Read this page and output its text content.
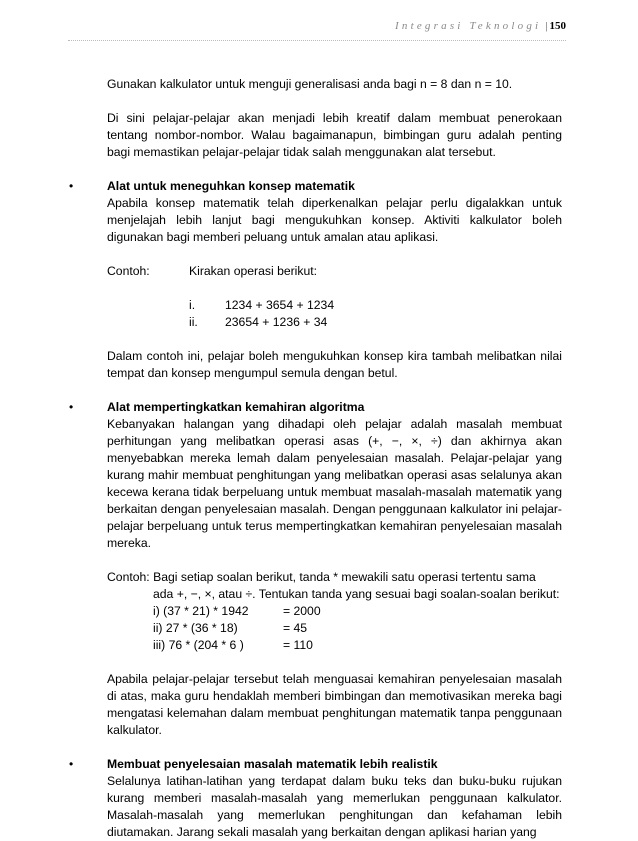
Integrasi Teknologi | 150

Gunakan kalkulator untuk menguji generalisasi anda bagi n = 8 dan n = 10.

Di sini pelajar-pelajar akan menjadi lebih kreatif dalam membuat penerokaan tentang nombor-nombor. Walau bagaimanapun, bimbingan guru adalah penting bagi memastikan pelajar-pelajar tidak salah menggunakan alat tersebut.

•	Alat untuk meneguhkan konsep matematik

Apabila konsep matematik telah diperkenalkan pelajar perlu digalakkan untuk menjelajah lebih lanjut bagi mengukuhkan konsep. Aktiviti kalkulator boleh digunakan bagi memberi peluang untuk amalan atau aplikasi.

Contoh:	Kirakan operasi berikut:
i.	1234 + 3654 + 1234
ii.	23654 + 1236 + 34

Dalam contoh ini, pelajar boleh mengukuhkan konsep kira tambah melibatkan nilai tempat dan konsep mengumpul semula dengan betul.

•	Alat mempertingkatkan kemahiran algoritma

Kebanyakan halangan yang dihadapi oleh pelajar adalah masalah membuat perhitungan yang melibatkan operasi asas (+, −, ×, ÷) dan akhirnya akan menyebabkan mereka lemah dalam penyelesaian masalah. Pelajar-pelajar yang kurang mahir membuat penghitungan yang melibatkan operasi asas selalunya akan kecewa kerana tidak berpeluang untuk membuat masalah-masalah matematik yang berkaitan dengan penyelesaian masalah. Dengan penggunaan kalkulator ini pelajar-pelajar berpeluang untuk terus mempertingkatkan kemahiran penyelesaian masalah mereka.

Contoh: Bagi setiap soalan berikut, tanda * mewakili satu operasi tertentu sama

ada +, −, ×, atau ÷. Tentukan tanda yang sesuai bagi soalan-soalan berikut:

i) (37 * 21) * 1942	= 2000
ii) 27 * (36 * 18)	= 45
iii) 76 * (204 * 6 )	= 110

Apabila pelajar-pelajar tersebut telah menguasai kemahiran penyelesaian masalah di atas, maka guru hendaklah memberi bimbingan dan memotivasikan mereka bagi mengatasi kelemahan dalam membuat penghitungan matematik tanpa penggunaan kalkulator.

•	Membuat penyelesaian masalah matematik lebih realistik

Selalunya latihan-latihan yang terdapat dalam buku teks dan buku-buku rujukan kurang memberi masalah-masalah yang memerlukan penggunaan kalkulator. Masalah-masalah yang memerlukan penghitungan dan kefahaman lebih diutamakan. Jarang sekali masalah yang berkaitan dengan aplikasi harian yang
